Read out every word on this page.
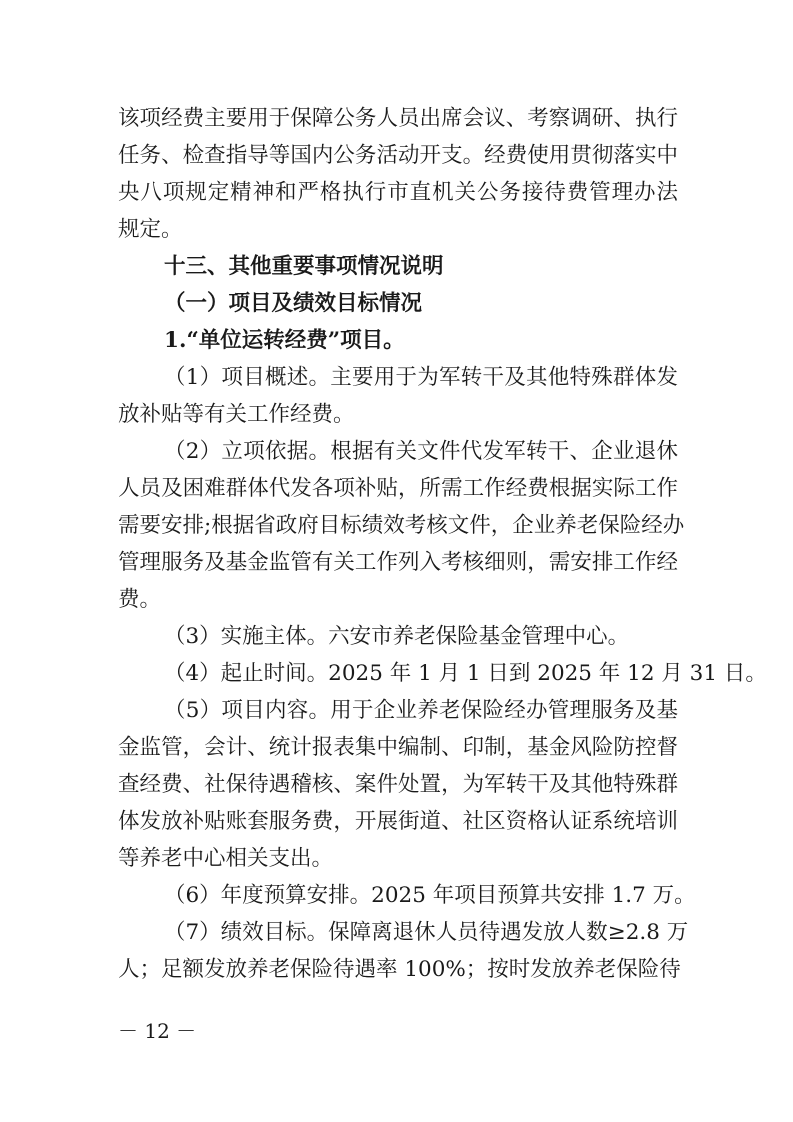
该项经费主要用于保障公务人员出席会议、考察调研、执行
任务、检查指导等国内公务活动开支。经费使用贯彻落实中
央八项规定精神和严格执行市直机关公务接待费管理办法
规定。
十三、其他重要事项情况说明
（一）项目及绩效目标情况
1.“单位运转经费”项目。
（1）项目概述。主要用于为军转干及其他特殊群体发
放补贴等有关工作经费。
（2）立项依据。根据有关文件代发军转干、企业退休
人员及困难群体代发各项补贴，所需工作经费根据实际工作
需要安排;根据省政府目标绩效考核文件，企业养老保险经办
管理服务及基金监管有关工作列入考核细则，需安排工作经
费。
（3）实施主体。六安市养老保险基金管理中心。
（4）起止时间。2025 年 1 月 1 日到 2025 年 12 月 31 日。
（5）项目内容。用于企业养老保险经办管理服务及基
金监管，会计、统计报表集中编制、印制，基金风险防控督
查经费、社保待遇稽核、案件处置，为军转干及其他特殊群
体发放补贴账套服务费，开展街道、社区资格认证系统培训
等养老中心相关支出。
（6）年度预算安排。2025 年项目预算共安排 1.7 万。
（7）绩效目标。保障离退休人员待遇发放人数≥2.8 万
人；足额发放养老保险待遇率 100%；按时发放养老保险待
－ 12 －
